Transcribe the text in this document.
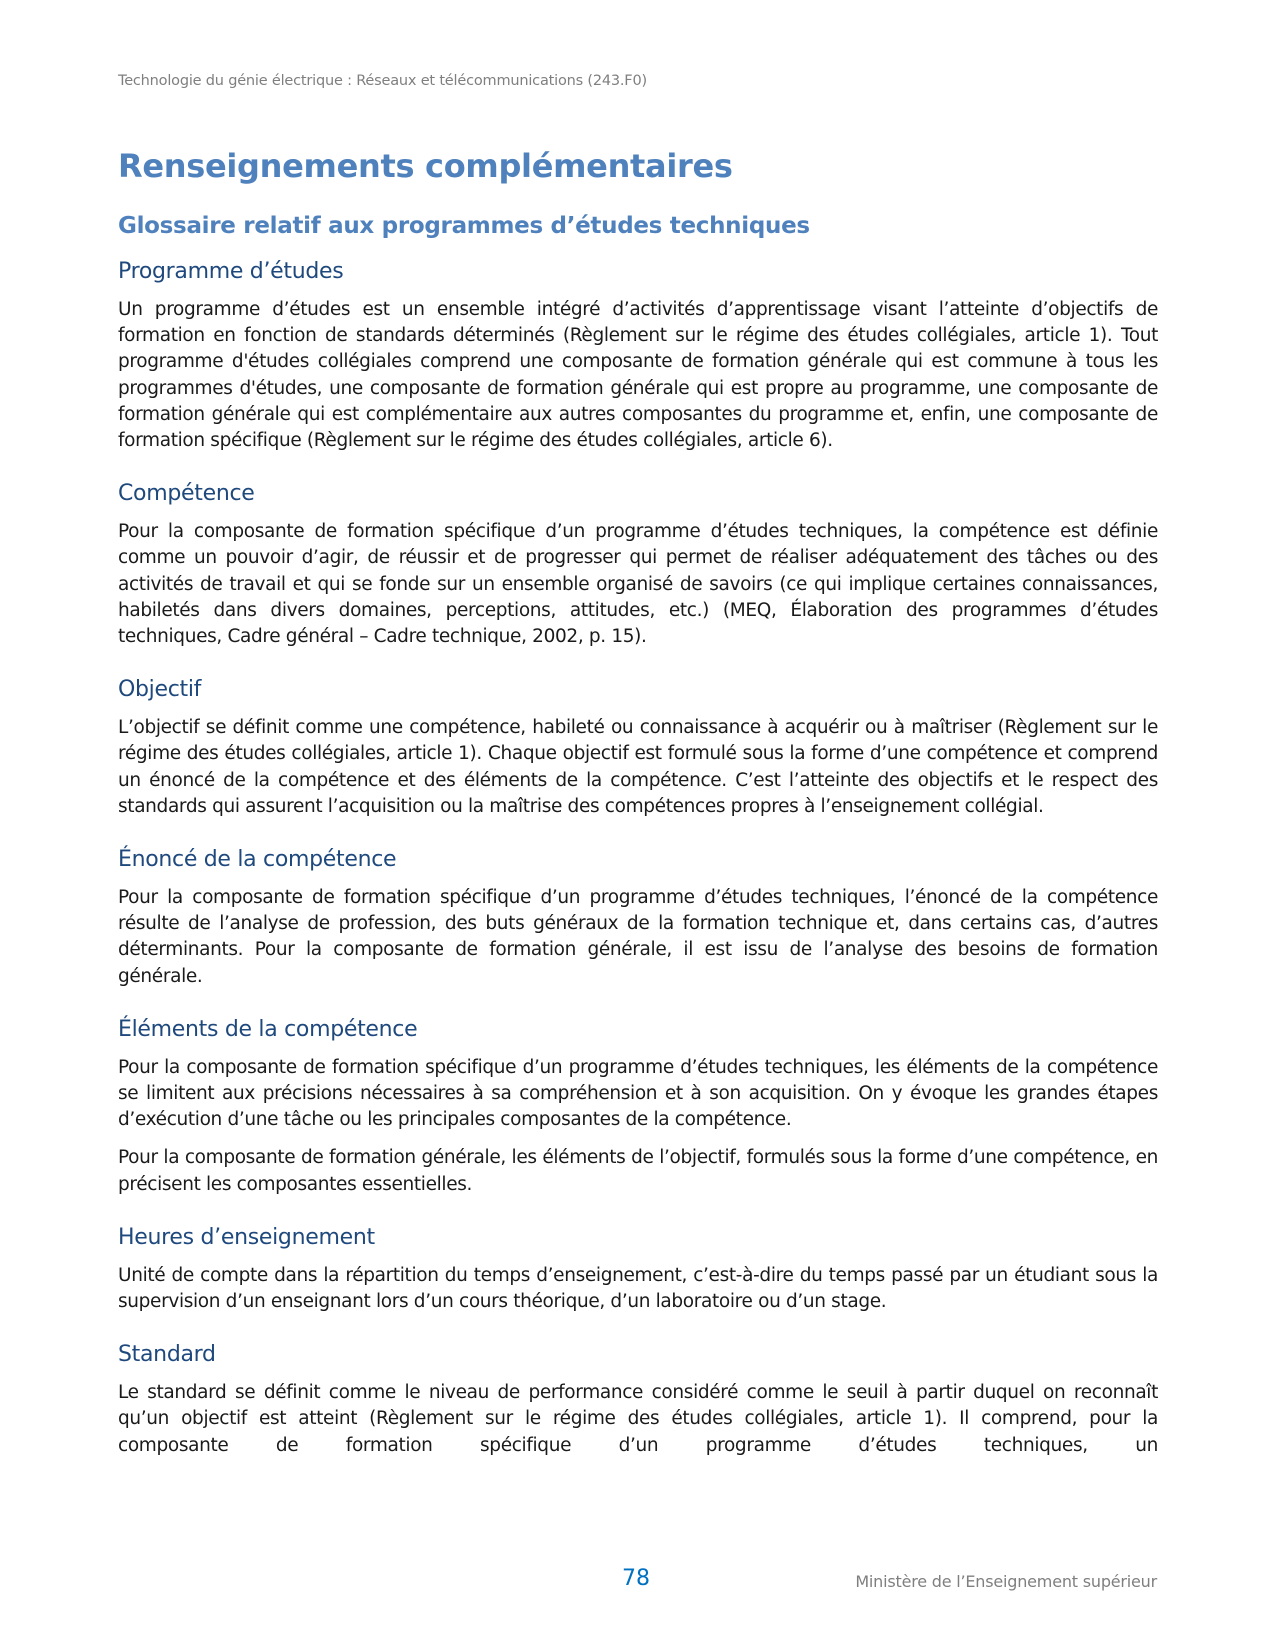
Technologie du génie électrique : Réseaux et télécommunications (243.F0)
Renseignements complémentaires
Glossaire relatif aux programmes d’études techniques
Programme d’études

Un programme d’études est un ensemble intégré d’activités d’apprentissage visant l’atteinte d’objectifs de formation en fonction de standards déterminés (Règlement sur le régime des études collégiales, article 1). Tout programme d'études collégiales comprend une composante de formation générale qui est commune à tous les programmes d'études, une composante de formation générale qui est propre au programme, une composante de formation générale qui est complémentaire aux autres composantes du programme et, enfin, une composante de formation spécifique (Règlement sur le régime des études collégiales, article 6).

Compétence

Pour la composante de formation spécifique d’un programme d’études techniques, la compétence est définie comme un pouvoir d’agir, de réussir et de progresser qui permet de réaliser adéquatement des tâches ou des activités de travail et qui se fonde sur un ensemble organisé de savoirs (ce qui implique certaines connaissances, habiletés dans divers domaines, perceptions, attitudes, etc.) (MEQ, Élaboration des programmes d’études techniques, Cadre général – Cadre technique, 2002, p. 15).

Objectif

L’objectif se définit comme une compétence, habileté ou connaissance à acquérir ou à maîtriser (Règlement sur le régime des études collégiales, article 1). Chaque objectif est formulé sous la forme d’une compétence et comprend un énoncé de la compétence et des éléments de la compétence. C’est l’atteinte des objectifs et le respect des standards qui assurent l’acquisition ou la maîtrise des compétences propres à l’enseignement collégial.

Énoncé de la compétence

Pour la composante de formation spécifique d’un programme d’études techniques, l’énoncé de la compétence résulte de l’analyse de profession, des buts généraux de la formation technique et, dans certains cas, d’autres déterminants. Pour la composante de formation générale, il est issu de l’analyse des besoins de formation générale.

Éléments de la compétence

Pour la composante de formation spécifique d’un programme d’études techniques, les éléments de la compétence se limitent aux précisions nécessaires à sa compréhension et à son acquisition. On y évoque les grandes étapes d’exécution d’une tâche ou les principales composantes de la compétence.

Pour la composante de formation générale, les éléments de l’objectif, formulés sous la forme d’une compétence, en précisent les composantes essentielles.

Heures d’enseignement

Unité de compte dans la répartition du temps d’enseignement, c’est-à-dire du temps passé par un étudiant sous la supervision d’un enseignant lors d’un cours théorique, d’un laboratoire ou d’un stage.

Standard

Le standard se définit comme le niveau de performance considéré comme le seuil à partir duquel on reconnaît qu’un objectif est atteint (Règlement sur le régime des études collégiales, article 1). Il comprend, pour la composante de formation spécifique d’un programme d’études techniques, un

78	Ministère de l’Enseignement supérieur
